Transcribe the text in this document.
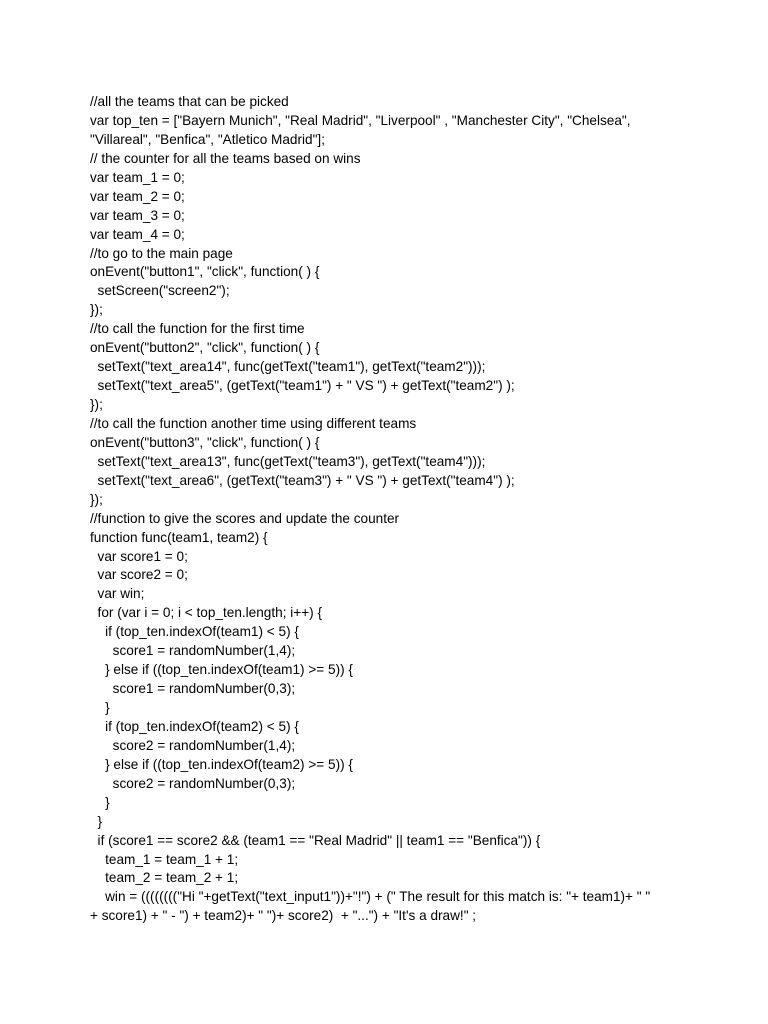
//all the teams that can be picked
var top_ten = ["Bayern Munich", "Real Madrid", "Liverpool" , "Manchester City", "Chelsea",
"Villareal", "Benfica", "Atletico Madrid"];
// the counter for all the teams based on wins
var team_1 = 0;
var team_2 = 0;
var team_3 = 0;
var team_4 = 0;
//to go to the main page
onEvent("button1", "click", function( ) {
setScreen("screen2");
});
//to call the function for the first time
onEvent("button2", "click", function( ) {
setText("text_area14", func(getText("team1"), getText("team2")));
setText("text_area5", (getText("team1") + " VS ") + getText("team2") );
});
//to call the function another time using different teams
onEvent("button3", "click", function( ) {
setText("text_area13", func(getText("team3"), getText("team4")));
setText("text_area6", (getText("team3") + " VS ") + getText("team4") );
});
//function to give the scores and update the counter
function func(team1, team2) {
var score1 = 0;
var score2 = 0;
var win;
for (var i = 0; i < top_ten.length; i++) {
if (top_ten.indexOf(team1) < 5) {
score1 = randomNumber(1,4);
} else if ((top_ten.indexOf(team1) >= 5)) {
score1 = randomNumber(0,3);
}
if (top_ten.indexOf(team2) < 5) {
score2 = randomNumber(1,4);
} else if ((top_ten.indexOf(team2) >= 5)) {
score2 = randomNumber(0,3);
}
}
if (score1 == score2 && (team1 == "Real Madrid" || team1 == "Benfica")) {
team_1 = team_1 + 1;
team_2 = team_2 + 1;
win = (((((((("Hi "+getText("text_input1"))+"!") + (" The result for this match is: "+ team1)+ " "
+ score1) + " - ") + team2)+ " ")+ score2)  + "...") + "It's a draw!" ;
